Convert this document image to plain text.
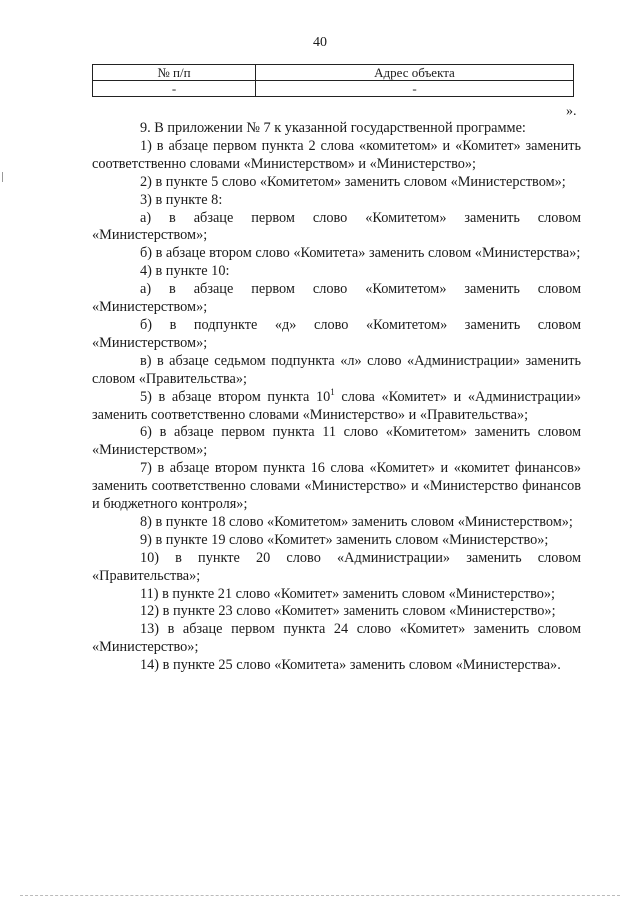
40
№ п/п	Адрес объекта
-	-
».

9. В приложении № 7 к указанной государственной программе:

1) в абзаце первом пункта 2 слова «комитетом» и «Комитет» заменить соответственно словами «Министерством» и «Министерство»;

2) в пункте 5 слово «Комитетом» заменить словом «Министерством»;

3) в пункте 8:

а) в абзаце первом слово «Комитетом» заменить словом «Министерством»;

б) в абзаце втором слово «Комитета» заменить словом «Министерства»;

4) в пункте 10:

а) в абзаце первом слово «Комитетом» заменить словом «Министерством»;

б) в подпункте «д» слово «Комитетом» заменить словом «Министерством»;

в) в абзаце седьмом подпункта «л» слово «Администрации» заменить словом «Правительства»;

5) в абзаце втором пункта $10^1$ слова «Комитет» и «Администрации» заменить соответственно словами «Министерство» и «Правительства»;

6) в абзаце первом пункта 11 слово «Комитетом» заменить словом «Министерством»;

7) в абзаце втором пункта 16 слова «Комитет» и «комитет финансов» заменить соответственно словами «Министерство» и «Министерство финансов и бюджетного контроля»;

8) в пункте 18 слово «Комитетом» заменить словом «Министерством»;

9) в пункте 19 слово «Комитет» заменить словом «Министерство»;

10) в пункте 20 слово «Администрации» заменить словом «Правительства»;

11) в пункте 21 слово «Комитет» заменить словом «Министерство»;

12) в пункте 23 слово «Комитет» заменить словом «Министерство»;

13) в абзаце первом пункта 24 слово «Комитет» заменить словом «Министерство»;

14) в пункте 25 слово «Комитета» заменить словом «Министерства».
